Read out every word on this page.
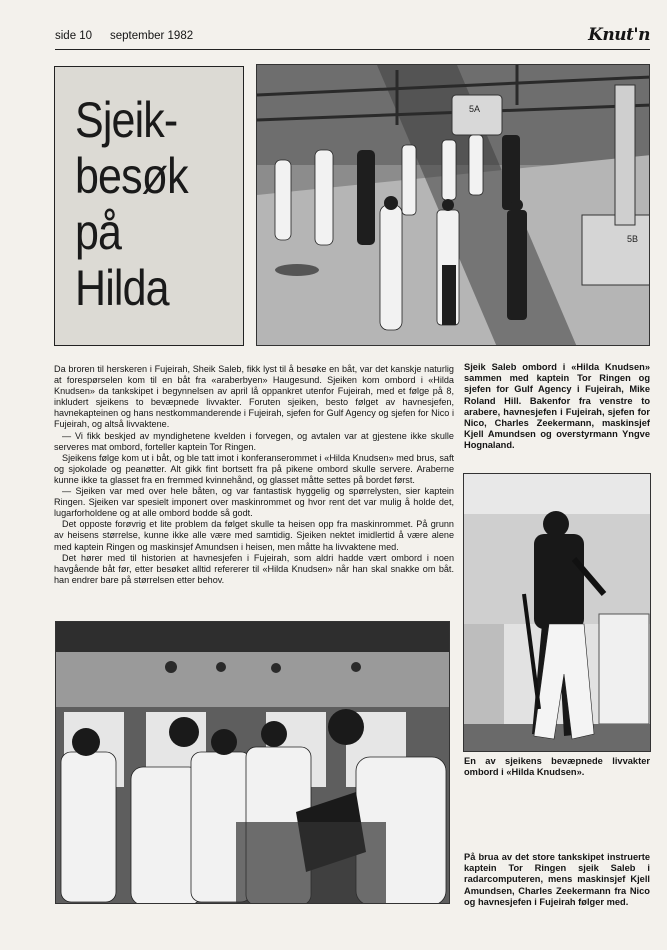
side 10 september 1982	Knut'n
Sjeik-
besøk
på
Hilda
5A
5B

Da broren til herskeren i Fujeirah, Sheik Saleb, fikk lyst til å besøke en båt, var det kanskje naturlig at forespørselen kom til en båt fra «araberbyen» Haugesund. Sjeiken kom ombord i «Hilda Knudsen» da tankskipet i begynnelsen av april lå oppankret utenfor Fujeirah, med et følge på 8, inkludert sjeikens to bevæpnede livvakter. Foruten sjeiken, besto følget av havnesjefen, havnekapteinen og hans nestkommanderende i Fujeirah, sjefen for Gulf Agency og sjefen for Nico i Fujeirah, og altså livvaktene.

— Vi fikk beskjed av myndighetene kvelden i forvegen, og avtalen var at gjestene ikke skulle serveres mat ombord, forteller kaptein Tor Ringen.

Sjeikens følge kom ut i båt, og ble tatt imot i konferanserommet i «Hilda Knudsen» med brus, saft og sjokolade og peanøtter. Alt gikk fint bortsett fra på pikene ombord skulle servere. Araberne kunne ikke ta glasset fra en fremmed kvinnehånd, og glasset måtte settes på bordet først.

— Sjeiken var med over hele båten, og var fantastisk hyggelig og spørrelysten, sier kaptein Ringen. Sjeiken var spesielt imponert over maskinrommet og hvor rent det var mulig å holde det, lugarforholdene og at alle ombord bodde så godt.

Det opposte forøvrig et lite problem da følget skulle ta heisen opp fra maskinrommet. På grunn av heisens størrelse, kunne ikke alle være med samtidig. Sjeiken nektet imidlertid å være alene med kaptein Ringen og maskinsjef Amundsen i heisen, men måtte ha livvaktene med.

Det hører med til historien at havnesjefen i Fujeirah, som aldri hadde vært ombord i noen havgående båt før, etter besøket alltid refererer til «Hilda Knudsen» når han skal snakke om båt. han endrer bare på størrelsen etter behov.

Sjeik Saleb ombord i «Hilda Knudsen» sammen med kaptein Tor Ringen og sjefen for Gulf Agency i Fujeirah, Mike Roland Hill. Bakenfor fra venstre to arabere, havnesjefen i Fujeirah, sjefen for Nico, Charles Zeekermann, maskinsjef Kjell Amundsen og overstyrmann Yngve Hognaland.
En av sjeikens bevæpnede livvakter ombord i «Hilda Knudsen».
På brua av det store tankskipet instruerte kaptein Tor Ringen sjeik Saleb i radarcomputeren, mens maskinsjef Kjell Amundsen, Charles Zeekermann fra Nico og havnesjefen i Fujeirah følger med.
